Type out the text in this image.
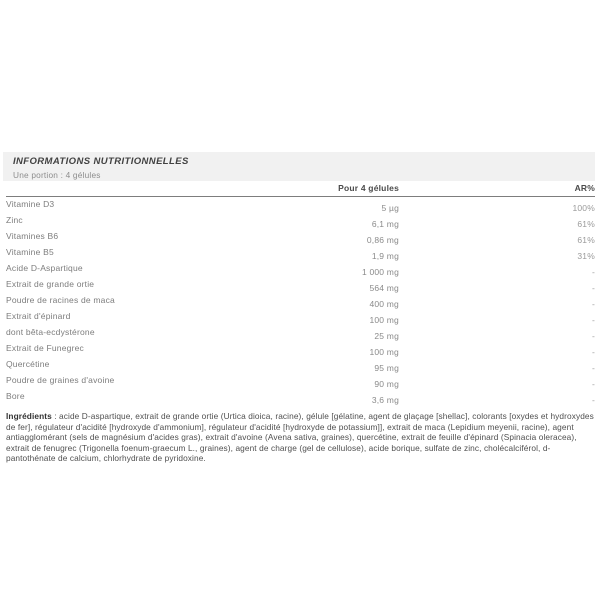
INFORMATIONS NUTRITIONNELLES
Une portion : 4 gélules
Pour 4 gélules	AR%
Vitamine D3	5 µg	100%
Zinc	6,1 mg	61%
Vitamines B6	0,86 mg	61%
Vitamine B5	1,9 mg	31%
Acide D-Aspartique	1 000 mg	-
Extrait de grande ortie	564 mg	-
Poudre de racines de maca	400 mg	-
Extrait d'épinard	100 mg	-
dont bêta-ecdystérone	25 mg	-
Extrait de Funegrec	100 mg	-
Quercétine	95 mg	-
Poudre de graines d'avoine	90 mg	-
Bore	3,6 mg	-
Ingrédients : acide D-aspartique, extrait de grande ortie (Urtica dioica, racine), gélule [gélatine, agent de glaçage [shellac], colorants [oxydes et hydroxydes de fer], régulateur d'acidité [hydroxyde d'ammonium], régulateur d'acidité [hydroxyde de potassium]], extrait de maca (Lepidium meyenii, racine), agent antiagglomérant (sels de magnésium d'acides gras), extrait d'avoine (Avena sativa, graines), quercétine, extrait de feuille d'épinard (Spinacia oleracea), extrait de fenugrec (Trigonella foenum-graecum L., graines), agent de charge (gel de cellulose), acide borique, sulfate de zinc, cholécalciférol, d-pantothénate de calcium, chlorhydrate de pyridoxine.
